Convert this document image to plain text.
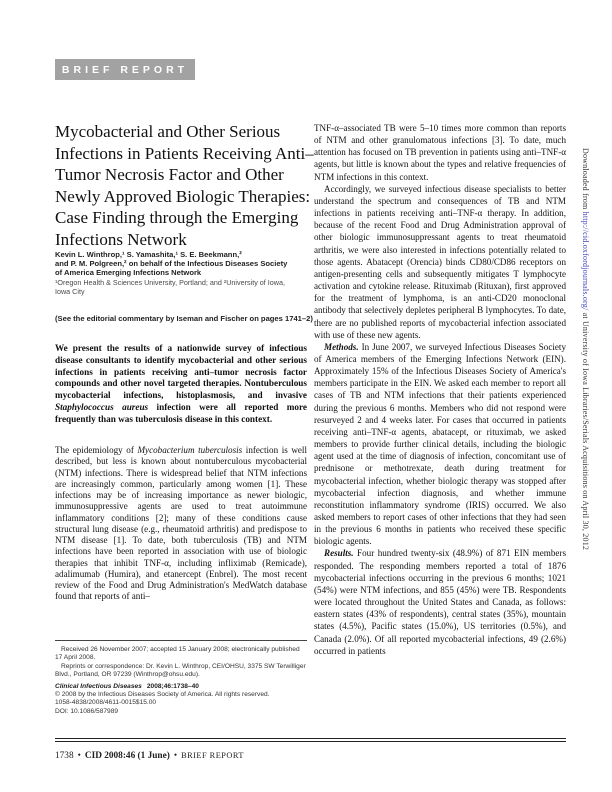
BRIEF REPORT
Mycobacterial and Other Serious
Infections in Patients Receiving Anti–
Tumor Necrosis Factor and Other
Newly Approved Biologic Therapies:
Case Finding through the Emerging
Infections Network
Kevin L. Winthrop,¹ S. Yamashita,¹ S. E. Beekmann,²
and P. M. Polgreen,² on behalf of the Infectious Diseases Society
of America Emerging Infections Network
¹Oregon Health & Sciences University, Portland; and ²University of Iowa,
Iowa City
(See the editorial commentary by Iseman and Fischer on pages 1741–2)
We present the results of a nationwide survey of infectious disease consultants to identify mycobacterial and other serious infections in patients receiving anti–tumor necrosis factor compounds and other novel targeted therapies. Nontuberculous mycobacterial infections, histoplasmosis, and invasive Staphylococcus aureus infection were all reported more frequently than was tuberculosis disease in this context.
The epidemiology of Mycobacterium tuberculosis infection is well described, but less is known about nontuberculous mycobacterial (NTM) infections. There is widespread belief that NTM infections are increasingly common, particularly among women [1]. These infections may be of increasing importance as newer biologic, immunosuppressive agents are used to treat autoimmune inflammatory conditions [2]; many of these conditions cause structural lung disease (e.g., rheumatoid arthritis) and predispose to NTM disease [1]. To date, both tuberculosis (TB) and NTM infections have been reported in association with use of biologic therapies that inhibit TNF-α, including infliximab (Remicade), adalimumab (Humira), and etanercept (Enbrel). The most recent review of the Food and Drug Administration's MedWatch database found that reports of anti–

TNF-α–associated TB were 5–10 times more common than reports of NTM and other granulomatous infections [3]. To date, much attention has focused on TB prevention in patients using anti–TNF-α agents, but little is known about the types and relative frequencies of NTM infections in this context.

Accordingly, we surveyed infectious disease specialists to better understand the spectrum and consequences of TB and NTM infections in patients receiving anti–TNF-α therapy. In addition, because of the recent Food and Drug Administration approval of other biologic immunosuppressant agents to treat rheumatoid arthritis, we were also interested in infections potentially related to those agents. Abatacept (Orencia) binds CD80/CD86 receptors on antigen-presenting cells and subsequently mitigates T lymphocyte activation and cytokine release. Rituximab (Rituxan), first approved for the treatment of lymphoma, is an anti-CD20 monoclonal antibody that selectively depletes peripheral B lymphocytes. To date, there are no published reports of mycobacterial infection associated with use of these new agents.

Methods. In June 2007, we surveyed Infectious Diseases Society of America members of the Emerging Infections Network (EIN). Approximately 15% of the Infectious Diseases Society of America's members participate in the EIN. We asked each member to report all cases of TB and NTM infections that their patients experienced during the previous 6 months. Members who did not respond were resurveyed 2 and 4 weeks later. For cases that occurred in patients receiving anti–TNF-α agents, abatacept, or rituximab, we asked members to provide further clinical details, including the biologic agent used at the time of diagnosis of infection, concomitant use of prednisone or methotrexate, death during treatment for mycobacterial infection, whether biologic therapy was stopped after mycobacterial infection diagnosis, and whether immune reconstitution inflammatory syndrome (IRIS) occurred. We also asked members to report cases of other infections that they had seen in the previous 6 months in patients who received these specific biologic agents.

Results. Four hundred twenty-six (48.9%) of 871 EIN members responded. The responding members reported a total of 1876 mycobacterial infections occurring in the previous 6 months; 1021 (54%) were NTM infections, and 855 (45%) were TB. Respondents were located throughout the United States and Canada, as follows: eastern states (43% of respondents), central states (35%), mountain states (4.5%), Pacific states (15.0%), US territories (0.5%), and Canada (2.0%). Of all reported mycobacterial infections, 49 (2.6%) occurred in patients

Received 26 November 2007; accepted 15 January 2008; electronically published 17 April 2008.

Reprints or correspondence: Dr. Kevin L. Winthrop, CEI/OHSU, 3375 SW Terwilliger Blvd., Portland, OR 97239 (Winthrop@ohsu.edu).

Clinical Infectious Diseases 2008;46:1738–40

© 2008 by the Infectious Diseases Society of America. All rights reserved.

1058-4838/2008/4611-0015$15.00

DOI: 10.1086/587989

1738 • CID 2008:46 (1 June) • BRIEF REPORT
Downloaded from http://cid.oxfordjournals.org/ at University of Iowa Libraries/Serials Acquisitions on April 30, 2012
